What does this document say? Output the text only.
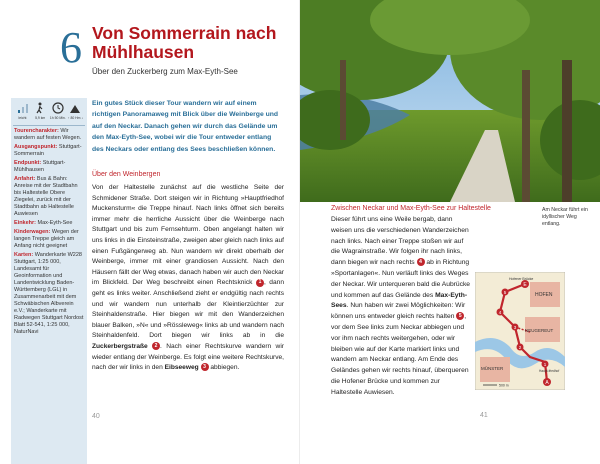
6 Von Sommerrain nach Mühlhausen
Über den Zuckerberg zum Max-Eyth-See
leicht	5,9 km 1h 50 Min. ↑ 80 Hm ↓
Tourencharakter: Wir wandern auf festen Wegen.
Ausgangspunkt: Stuttgart-Sommerrain
Endpunkt: Stuttgart-Mühlhausen
Anfahrt: Bus & Bahn: Anreise mit der Stadtbahn bis Haltestelle Obere Ziegelei, zurück mit der Stadtbahn ab Haltestelle Auwiesen
Einkehr: Max-Eyth-See
Kinderwagen: Wegen der langen Treppe gleich am Anfang nicht geeignet
Karten: Wanderkarte W228 Stuttgart, 1:25 000, Landesamt für Geoinformation und Landentwicklung Baden-Württemberg (LGL) in Zusammenarbeit mit dem Schwäbischen Albverein e.V.; Wanderkarte mit Radwegen Stuttgart Nordost Blatt 52-541, 1:25 000, NaturNavi
Ein gutes Stück dieser Tour wandern wir auf einem richtigen Panoramaweg mit Blick über die Weinberge und auf den Neckar. Danach gehen wir durch das Gelände um den Max-Eyth-See, wobei wir die Tour entweder entlang des Neckars oder entlang des Sees beschließen können.
Über den Weinbergen
Von der Haltestelle zunächst auf die westliche Seite der Schmidener Straße. Dort steigen wir in Richtung »Hauptfriedhof Muckensturm« die Treppe hinauf. Nach links öffnet sich bereits immer mehr die herrliche Aussicht über die Weinberge nach Stuttgart und bis zum Fernsehturm. Oben angelangt halten wir uns links in die Einsteinstraße, zweigen aber gleich nach links auf einen Fußgängerweg ab. Nun wandern wir direkt oberhalb der Weinberge, immer mit einer grandiosen Aussicht. Nach den Häusern fällt der Weg etwas, danach haben wir auch den Neckar im Blickfeld. Der Weg beschreibt einen Rechtsknick 1 , dann geht es links weiter. Anschließend zieht er endgültig nach rechts und wir wandern nun unterhalb der Kleintierzüchter zur Steinhaldenstraße. Hier biegen wir mit den Wanderzeichen blauer Balken, »N« und »Rössleweg« links ab und wandern nach Steinhaldenfeld. Dort biegen wir links ab in die Zuckerbergstraße 2 . Nach einer Rechtskurve wandern wir wieder entlang der Weinberge. Es folgt eine weitere Rechtskurve, nach der wir links in den Eibseeweg 3 abbiegen.
40
Am Neckar führt ein idyllischer Weg entlang.
Zwischen Neckar und Max-Eyth-See zur Haltestelle
Dieser führt uns eine Weile bergab, dann weisen uns die verschiedenen Wanderzeichen nach links. Nach einer Treppe stoßen wir auf die Wagrainstraße. Wir folgen ihr nach links, dann biegen wir nach rechts 4 ab in Richtung »Sportanlagen«. Nun verläuft links des Weges der Neckar. Wir unterqueren bald die Aubrücke und kommen auf das Gelände des Max-Eyth-Sees. Nun haben wir zwei Möglichkeiten: Wir können uns entweder gleich rechts halten 5 , vor dem See links zum Neckar abbiegen und vor ihm nach rechts weitergehen, oder wir bleiben wie auf der Karte markiert links und wandern am Neckar entlang. Am Ende des Geländes gehen wir rechts hinauf, überqueren die Hofener Brücke und kommen zur Haltestelle Auwiesen.
E
A
1
2
3
4
5
Hofener Brücke
HOFEN
NEUGEREUT
MÜNSTER	Haupt-friedhof
500 m
41
